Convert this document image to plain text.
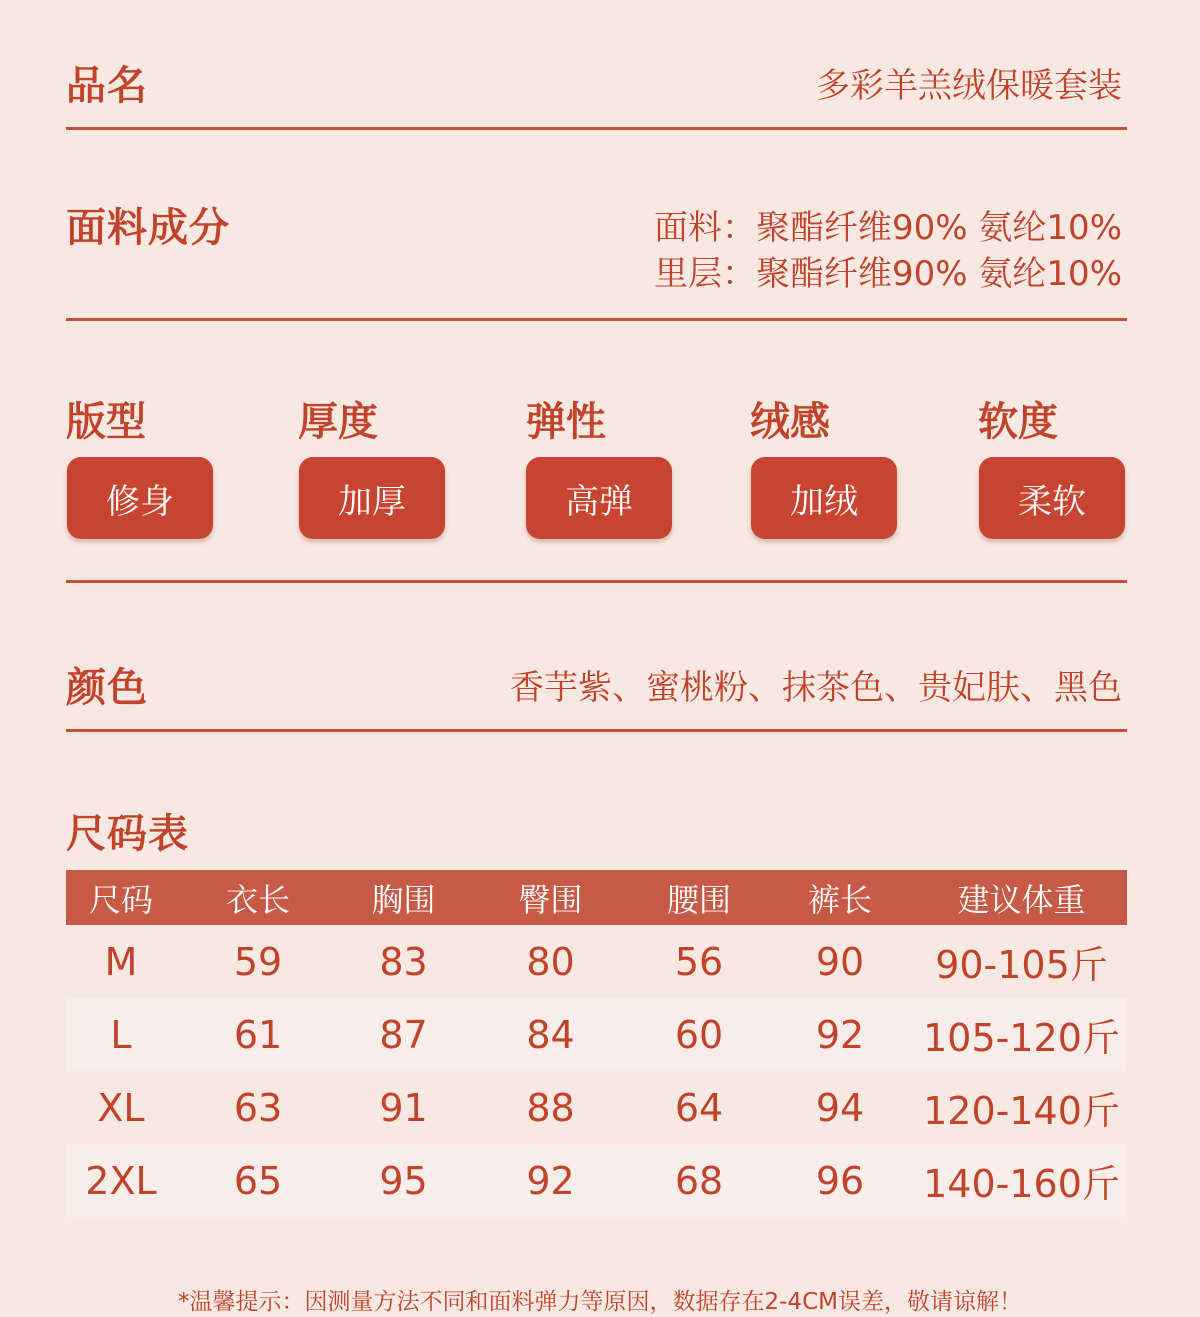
品名	多彩羊羔绒保暖套装
面料成分	面料：聚酯纤维90% 氨纶10%
里层：聚酯纤维90% 氨纶10%
版型	厚度	弹性	绒感	软度
修身	加厚	高弹	加绒	柔软
颜色	香芋紫、蜜桃粉、抹茶色、贵妃肤、黑色
尺码表
尺码	衣长	胸围	臀围	腰围	裤长	建议体重
M	59	83	80	56	90	90-105斤
L	61	87	84	60	92	105-120斤
XL	63	91	88	64	94	120-140斤
2XL	65	95	92	68	96	140-160斤
*温馨提示：因测量方法不同和面料弹力等原因，数据存在2-4CM误差，敬请谅解！
